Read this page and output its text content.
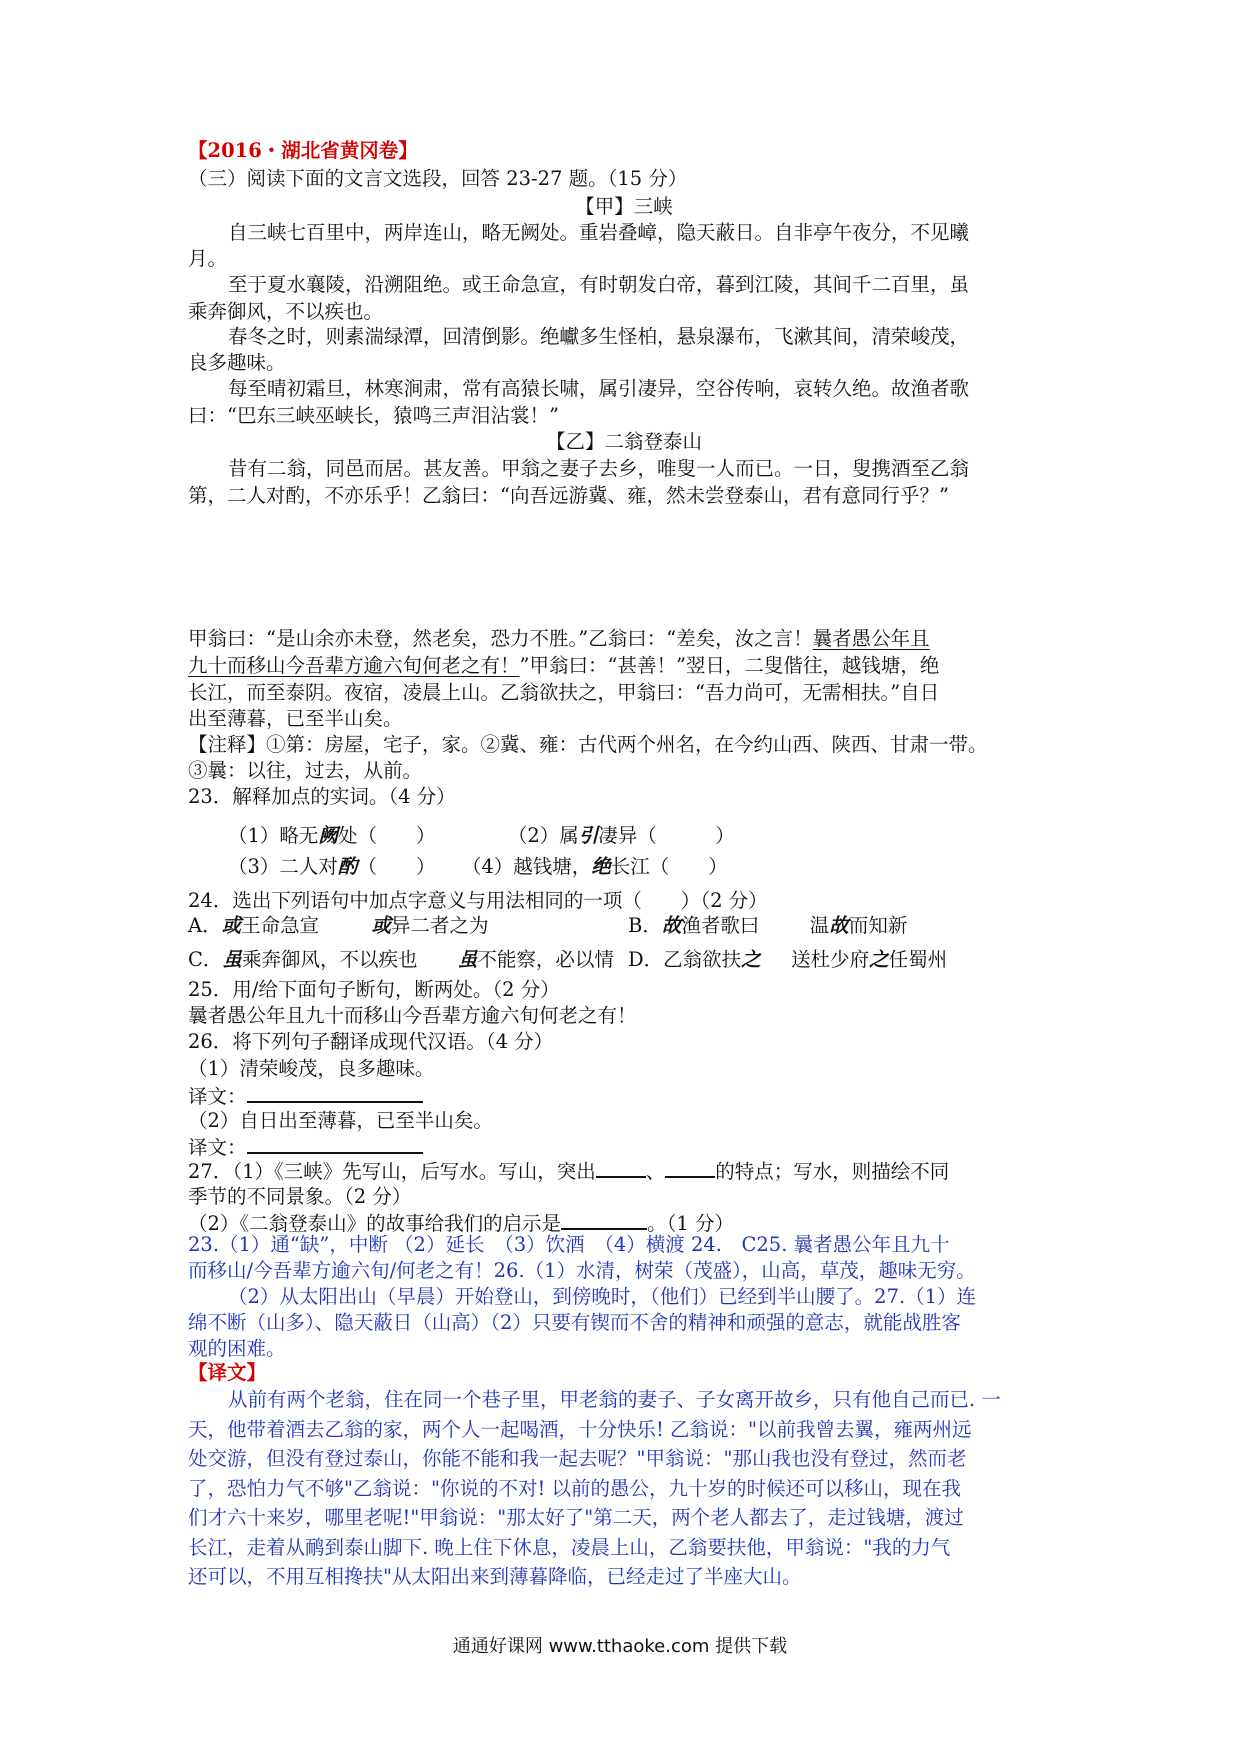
【2016・湖北省黄冈卷】
（三）阅读下面的文言文选段，回答 23-27 题。（15 分）
【甲】三峡
自三峡七百里中，两岸连山，略无阙处。重岩叠嶂，隐天蔽日。自非亭午夜分，不见曦
月。
至于夏水襄陵，沿溯阻绝。或王命急宣，有时朝发白帝，暮到江陵，其间千二百里，虽
乘奔御风，不以疾也。
春冬之时，则素湍绿潭，回清倒影。绝巘多生怪柏，悬泉瀑布，飞漱其间，清荣峻茂，
良多趣味。
每至晴初霜旦，林寒涧肃，常有高猿长啸，属引凄异，空谷传响，哀转久绝。故渔者歌
曰：“巴东三峡巫峡长，猿鸣三声泪沾裳！”
【乙】二翁登泰山
昔有二翁，同邑而居。甚友善。甲翁之妻子去乡，唯叟一人而已。一日，叟携酒至乙翁
第，二人对酌，不亦乐乎！乙翁曰：“向吾远游冀、雍，然未尝登泰山，君有意同行乎？”
甲翁曰：“是山余亦未登，然老矣，恐力不胜。”乙翁曰：“差矣，汝之言！曩者愚公年且
九十而移山今吾辈方逾六旬何老之有！”甲翁曰：“甚善！”翌日，二叟偕往，越钱塘，绝
长江，而至泰阴。夜宿，凌晨上山。乙翁欲扶之，甲翁曰：“吾力尚可，无需相扶。”自日
出至薄暮，已至半山矣。
【注释】①第：房屋，宅子，家。②冀、雍：古代两个州名，在今约山西、陕西、甘肃一带。
③曩：以往，过去，从前。
23．解释加点的实词。（4 分）
（1）略无阙处（　　）	（2）属引凄异（　　　）
（3）二人对酌（　　） （4）越钱塘，绝长江（　　）
24．选出下列语句中加点字意义与用法相同的一项（　　）（2 分）
A．或王命急宣	或异二者之为	B．故渔者歌曰	温故而知新
C．虽乘奔御风，不以疾也 虽不能察，必以情 D．乙翁欲扶之 送杜少府之任蜀州
25．用/给下面句子断句，断两处。（2 分）
曩者愚公年且九十而移山今吾辈方逾六旬何老之有！
26．将下列句子翻译成现代汉语。（4 分）
（1）清荣峻茂，良多趣味。
译文：
（2）自日出至薄暮，已至半山矣。
译文：
27．（1）《三峡》先写山，后写水。写山，突出	、	的特点；写水，则描绘不同
季节的不同景象。（2 分）
（2）《二翁登泰山》的故事给我们的启示是	。（1 分）
23.（1）通“缺”，中断 （2）延长　（3）饮酒　（4）横渡 24.　C25. 曩者愚公年且九十
而移山/今吾辈方逾六旬/何老之有！26.（1）水清，树荣（茂盛），山高，草茂，趣味无穷。
（2）从太阳出山（早晨）开始登山，到傍晚时，（他们）已经到半山腰了。27.（1）连
绵不断（山多）、隐天蔽日（山高）（2）只要有锲而不舍的精神和顽强的意志，就能战胜客
观的困难。
【译文】
从前有两个老翁，住在同一个巷子里，甲老翁的妻子、子女离开故乡，只有他自己而已. 一
天，他带着酒去乙翁的家，两个人一起喝酒，十分快乐! 乙翁说："以前我曾去翼，雍两州远
处交游，但没有登过泰山，你能不能和我一起去呢？"甲翁说："那山我也没有登过，然而老
了，恐怕力气不够"乙翁说："你说的不对! 以前的愚公，九十岁的时候还可以移山，现在我
们才六十来岁，哪里老呢!"甲翁说："那太好了"第二天，两个老人都去了，走过钱塘，渡过
长江，走着从鸸到泰山脚下. 晚上住下休息，凌晨上山，乙翁要扶他，甲翁说："我的力气
还可以，不用互相搀扶"从太阳出来到薄暮降临，已经走过了半座大山。
通通好课网 www.tthaoke.com 提供下载
